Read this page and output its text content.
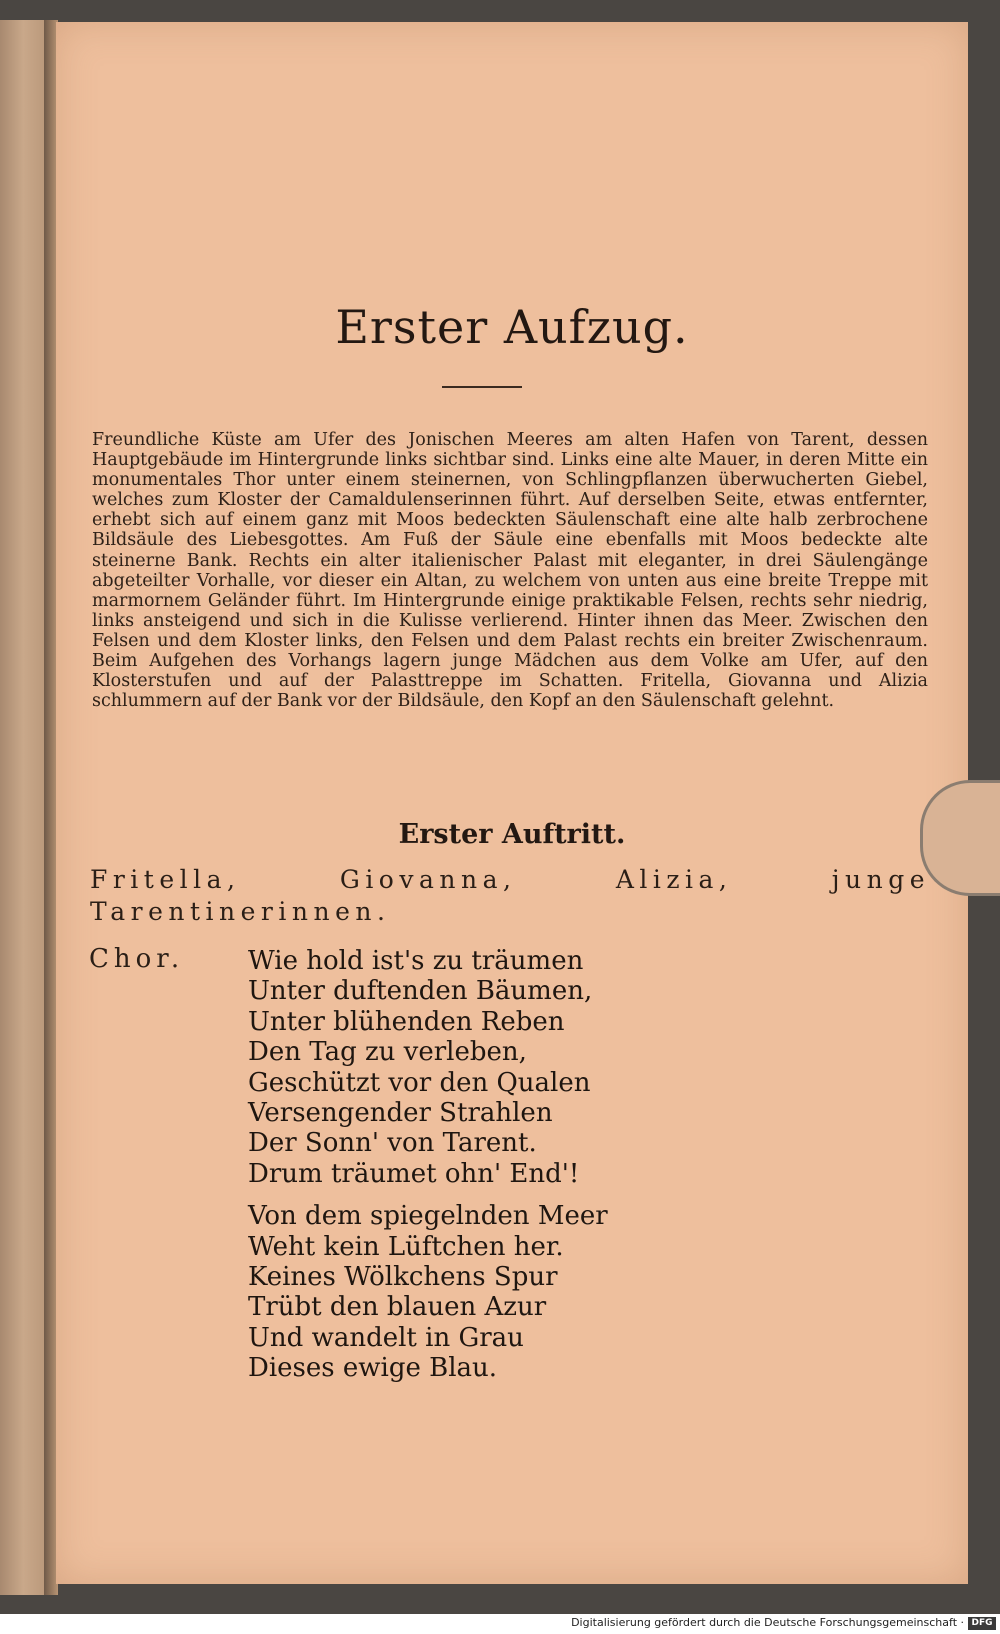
Erster Aufzug.
Freundliche Küste am Ufer des Jonischen Meeres am alten Hafen von Tarent, dessen Hauptgebäude im Hintergrunde links sichtbar sind. Links eine alte Mauer, in deren Mitte ein monumentales Thor unter einem steinernen, von Schlingpflanzen überwucherten Giebel, welches zum Kloster der Camaldulenserinnen führt. Auf derselben Seite, etwas entfernter, erhebt sich auf einem ganz mit Moos bedeckten Säulenschaft eine alte halb zerbrochene Bildsäule des Liebesgottes. Am Fuß der Säule eine ebenfalls mit Moos bedeckte alte steinerne Bank. Rechts ein alter italienischer Palast mit eleganter, in drei Säulengänge abgeteilter Vorhalle, vor dieser ein Altan, zu welchem von unten aus eine breite Treppe mit marmornem Geländer führt. Im Hintergrunde einige praktikable Felsen, rechts sehr niedrig, links ansteigend und sich in die Kulisse verlierend. Hinter ihnen das Meer. Zwischen den Felsen und dem Kloster links, den Felsen und dem Palast rechts ein breiter Zwischenraum. Beim Aufgehen des Vorhangs lagern junge Mädchen aus dem Volke am Ufer, auf den Klosterstufen und auf der Palasttreppe im Schatten. Fritella, Giovanna und Alizia schlummern auf der Bank vor der Bildsäule, den Kopf an den Säulenschaft gelehnt.
Erster Auftritt.
Fritella, Giovanna, Alizia, junge Tarentinerinnen.
Chor. Wie hold ist's zu träumen
Unter duftenden Bäumen,
Unter blühenden Reben
Den Tag zu verleben,
Geschützt vor den Qualen
Versengender Strahlen
Der Sonn' von Tarent.
Drum träumet ohn' End'!
Von dem spiegelnden Meer
Weht kein Lüftchen her.
Keines Wölkchens Spur
Trübt den blauen Azur
Und wandelt in Grau
Dieses ewige Blau.
Digitalisierung gefördert durch die Deutsche Forschungsgemeinschaft · DFG
